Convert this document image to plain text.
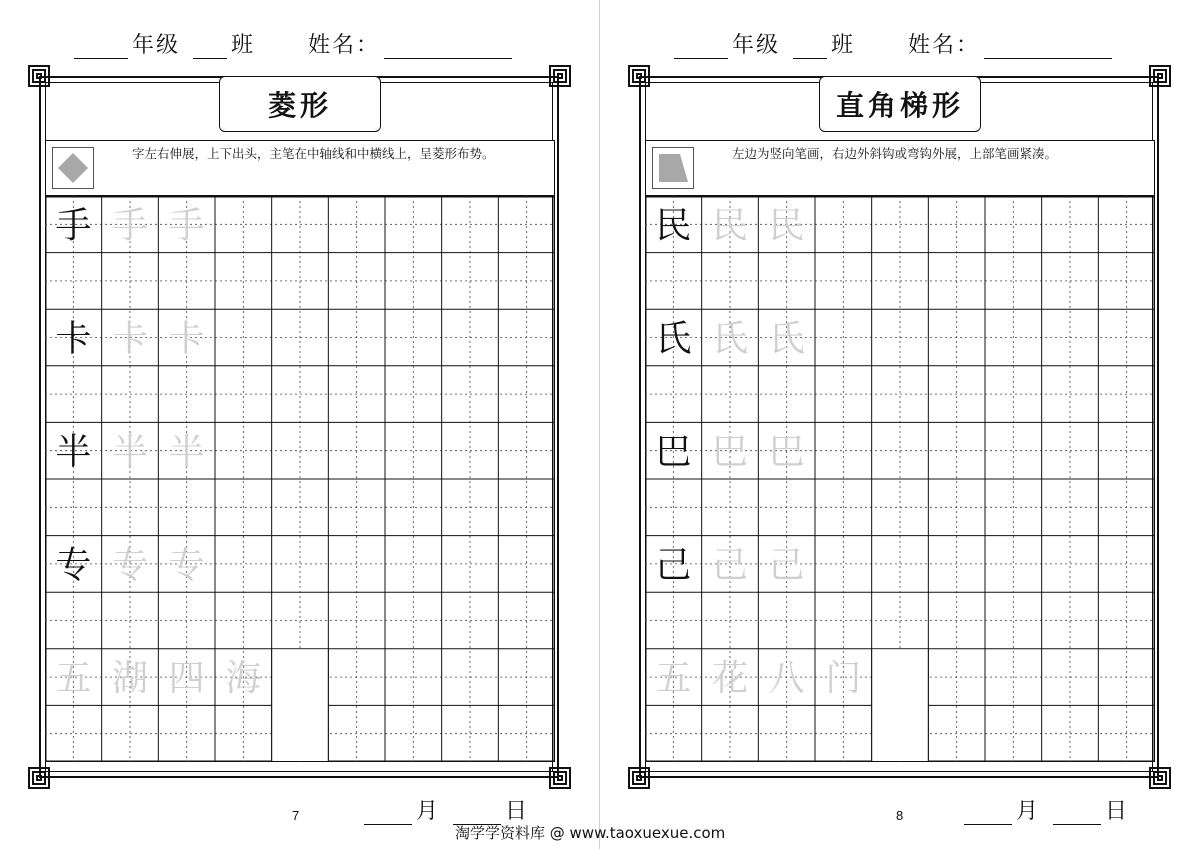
年级 班 姓名：
菱形
字左右伸展，上下出头，主笔在中轴线和中横线上，呈菱形布势。
手 手 手
卡 卡 卡
半 半 半
专 专 专
五 湖 四 海
7	月	日
年级 班 姓名：
直角梯形
左边为竖向笔画，右边外斜钩或弯钩外展，上部笔画紧凑。
民 民 民
氏 氏 氏
巴 巴 巴
己 己 己
五 花 八 门
8	月	日
淘学学资料库 @ www.taoxuexue.com
